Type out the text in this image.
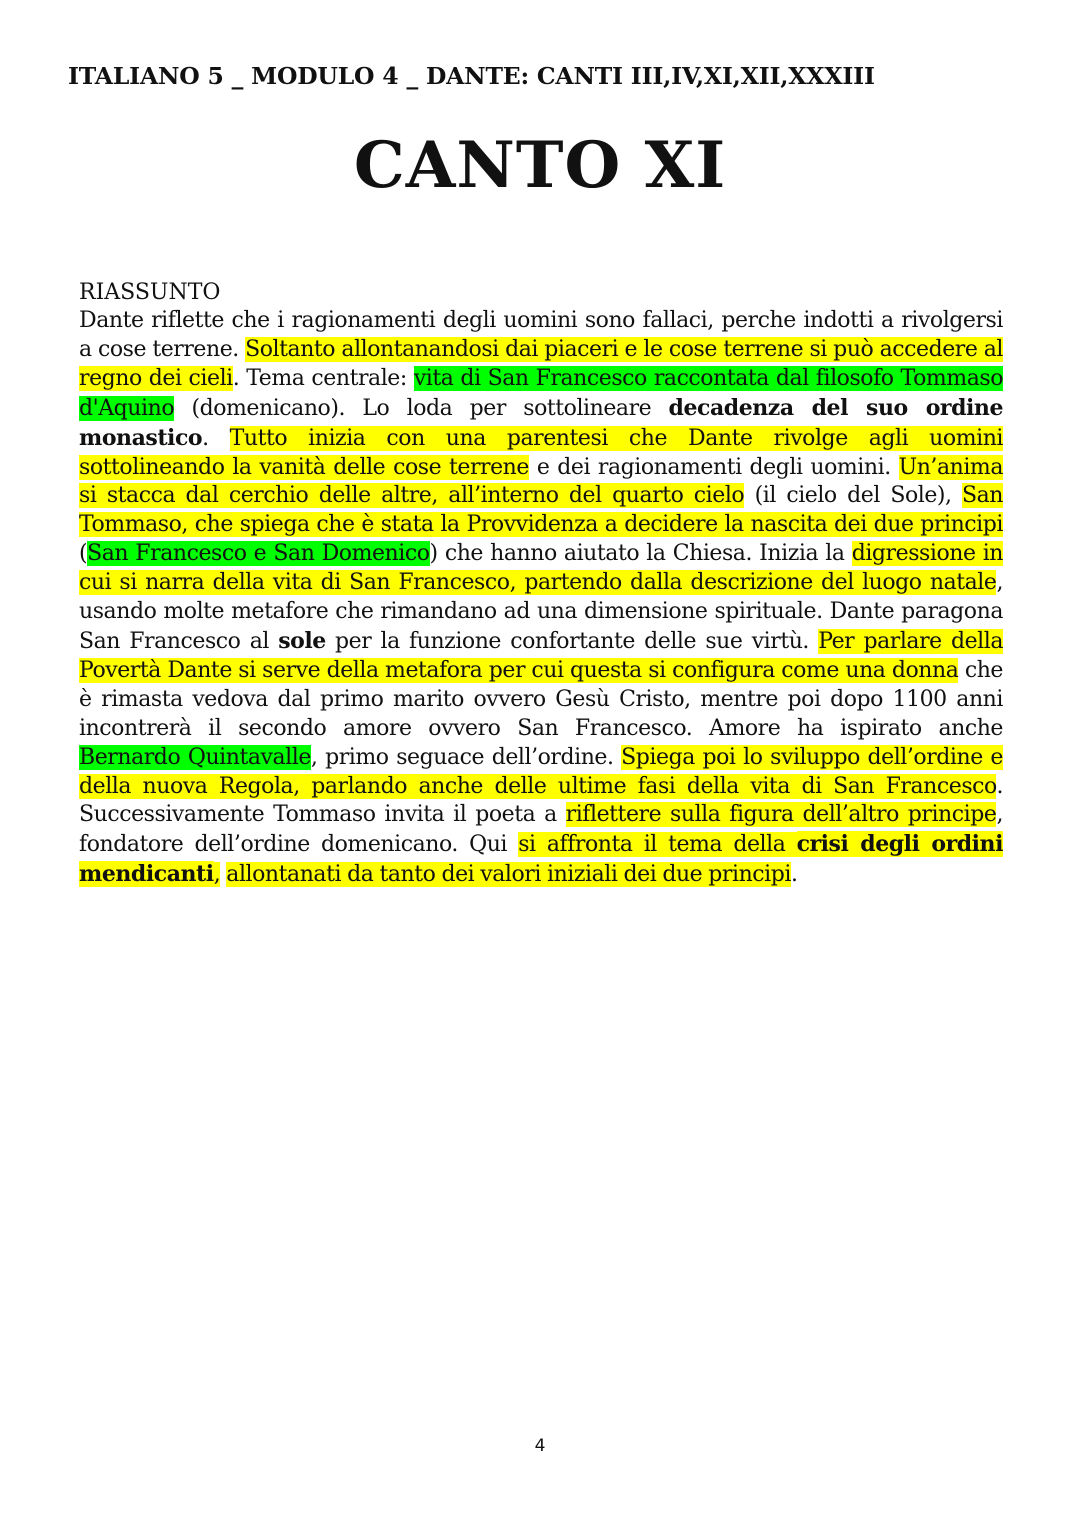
ITALIANO 5 _ MODULO 4 _ DANTE: CANTI III,IV,XI,XII,XXXIII
CANTO XI

RIASSUNTO

Dante riflette che i ragionamenti degli uomini sono fallaci, perche indotti a rivolgersi a cose terrene. Soltanto allontanandosi dai piaceri e le cose terrene si può accedere al regno dei cieli. Tema centrale: vita di San Francesco raccontata dal filosofo Tommaso d'Aquino (domenicano). Lo loda per sottolineare decadenza del suo ordine monastico. Tutto inizia con una parentesi che Dante rivolge agli uomini sottolineando la vanità delle cose terrene e dei ragionamenti degli uomini. Un’anima si stacca dal cerchio delle altre, all’interno del quarto cielo (il cielo del Sole), San Tommaso, che spiega che è stata la Provvidenza a decidere la nascita dei due principi (San Francesco e San Domenico) che hanno aiutato la Chiesa. Inizia la digressione in cui si narra della vita di San Francesco, partendo dalla descrizione del luogo natale, usando molte metafore che rimandano ad una dimensione spirituale. Dante paragona San Francesco al sole per la funzione confortante delle sue virtù. Per parlare della Povertà Dante si serve della metafora per cui questa si configura come una donna che è rimasta vedova dal primo marito ovvero Gesù Cristo, mentre poi dopo 1100 anni incontrerà il secondo amore ovvero San Francesco. Amore ha ispirato anche Bernardo Quintavalle, primo seguace dell’ordine. Spiega poi lo sviluppo dell’ordine e della nuova Regola, parlando anche delle ultime fasi della vita di San Francesco. Successivamente Tommaso invita il poeta a riflettere sulla figura dell’altro principe, fondatore dell’ordine domenicano. Qui si affronta il tema della crisi degli ordini mendicanti, allontanati da tanto dei valori iniziali dei due principi.

4
